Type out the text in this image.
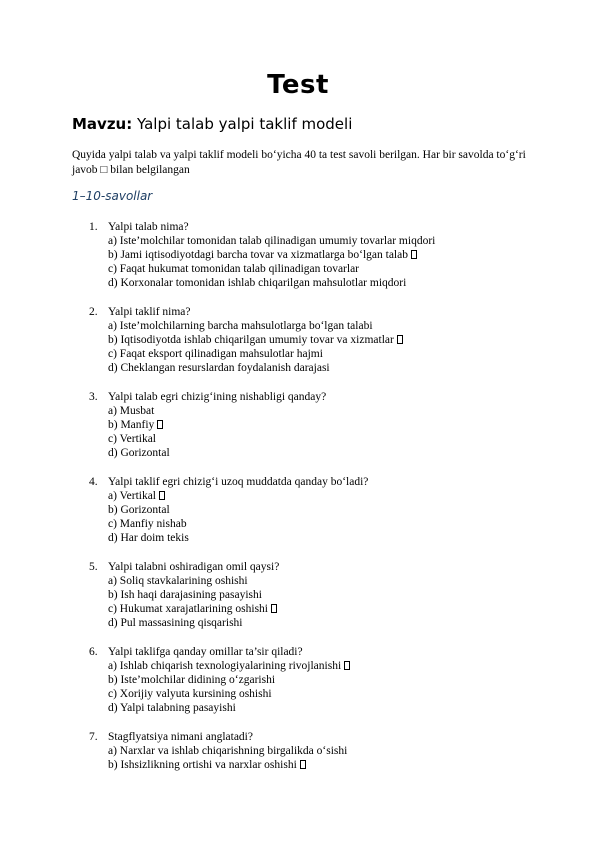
Test
Mavzu: Yalpi talab yalpi taklif modeli
Quyida yalpi talab va yalpi taklif modeli bo‘yicha 40 ta test savoli berilgan. Har bir savolda to‘g‘ri javob □ bilan belgilangan
1–10-savollar
1. Yalpi talab nima?
a) Iste’molchilar tomonidan talab qilinadigan umumiy tovarlar miqdori
b) Jami iqtisodiyotdagi barcha tovar va xizmatlarga bo‘lgan talab
c) Faqat hukumat tomonidan talab qilinadigan tovarlar
d) Korxonalar tomonidan ishlab chiqarilgan mahsulotlar miqdori
2. Yalpi taklif nima?
a) Iste’molchilarning barcha mahsulotlarga bo‘lgan talabi
b) Iqtisodiyotda ishlab chiqarilgan umumiy tovar va xizmatlar
c) Faqat eksport qilinadigan mahsulotlar hajmi
d) Cheklangan resurslardan foydalanish darajasi
3. Yalpi talab egri chizig‘ining nishabligi qanday?
a) Musbat
b) Manfiy
c) Vertikal
d) Gorizontal
4. Yalpi taklif egri chizig‘i uzoq muddatda qanday bo‘ladi?
a) Vertikal
b) Gorizontal
c) Manfiy nishab
d) Har doim tekis
5. Yalpi talabni oshiradigan omil qaysi?
a) Soliq stavkalarining oshishi
b) Ish haqi darajasining pasayishi
c) Hukumat xarajatlarining oshishi
d) Pul massasining qisqarishi
6. Yalpi taklifga qanday omillar ta’sir qiladi?
a) Ishlab chiqarish texnologiyalarining rivojlanishi
b) Iste’molchilar didining o‘zgarishi
c) Xorijiy valyuta kursining oshishi
d) Yalpi talabning pasayishi
7. Stagflyatsiya nimani anglatadi?
a) Narxlar va ishlab chiqarishning birgalikda o‘sishi
b) Ishsizlikning ortishi va narxlar oshishi
